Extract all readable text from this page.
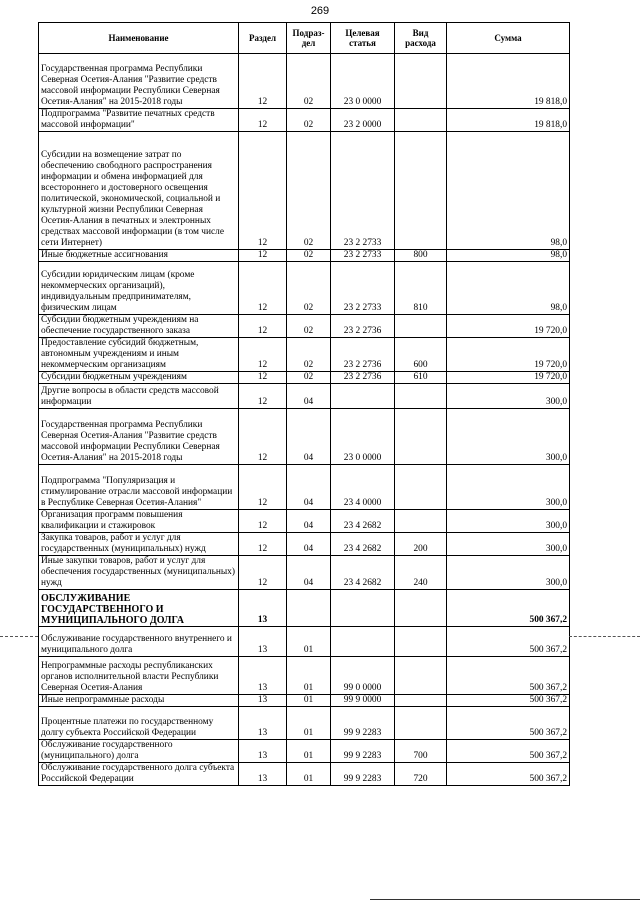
269
Наименование	Раздел	Подраз-дел	Целевая статья	Вид расхода	Сумма
Государственная программа Республики Северная Осетия-Алания "Развитие средств массовой информации Республики Северная Осетия-Алания" на 2015-2018 годы	12	02	23 0 0000		19 818,0
Подпрограмма "Развитие печатных средств массовой информации"	12	02	23 2 0000		19 818,0
Субсидии на возмещение затрат по обеспечению свободного распространения информации и обмена информацией для всестороннего и достоверного освещения политической, экономической, социальной и культурной жизни Республики Северная Осетия-Алания в печатных и электронных средствах массовой информации (в том числе сети Интернет)	12	02	23 2 2733		98,0
Иные бюджетные ассигнования	12	02	23 2 2733	800	98,0
Субсидии юридическим лицам (кроме некоммерческих организаций), индивидуальным предпринимателям, физическим лицам	12	02	23 2 2733	810	98,0
Субсидии бюджетным учреждениям на обеспечение государственного заказа	12	02	23 2 2736		19 720,0
Предоставление субсидий бюджетным, автономным учреждениям и иным некоммерческим организациям	12	02	23 2 2736	600	19 720,0
Субсидии бюджетным учреждениям	12	02	23 2 2736	610	19 720,0
Другие вопросы в области средств массовой информации	12	04			300,0
Государственная программа Республики Северная Осетия-Алания "Развитие средств массовой информации Республики Северная Осетия-Алания" на 2015-2018 годы	12	04	23 0 0000		300,0
Подпрограмма "Популяризация и стимулирование отрасли массовой информации в Республике Северная Осетия-Алания"	12	04	23 4 0000		300,0
Организация программ повышения квалификации и стажировок	12	04	23 4 2682		300,0
Закупка товаров, работ и услуг для государственных (муниципальных) нужд	12	04	23 4 2682	200	300,0
Иные закупки товаров, работ и услуг для обеспечения государственных (муниципальных) нужд	12	04	23 4 2682	240	300,0
ОБСЛУЖИВАНИЕ ГОСУДАРСТВЕННОГО И МУНИЦИПАЛЬНОГО ДОЛГА	13				500 367,2
Обслуживание государственного внутреннего и муниципального долга	13	01			500 367,2
Непрограммные расходы республиканских органов исполнительной власти Республики Северная Осетия-Алания	13	01	99 0 0000		500 367,2
Иные непрограммные расходы	13	01	99 9 0000		500 367,2
Процентные платежи по государственному долгу субъекта Российской Федерации	13	01	99 9 2283		500 367,2
Обслуживание государственного (муниципального) долга	13	01	99 9 2283	700	500 367,2
Обслуживание государственного долга субъекта Российской Федерации	13	01	99 9 2283	720	500 367,2
